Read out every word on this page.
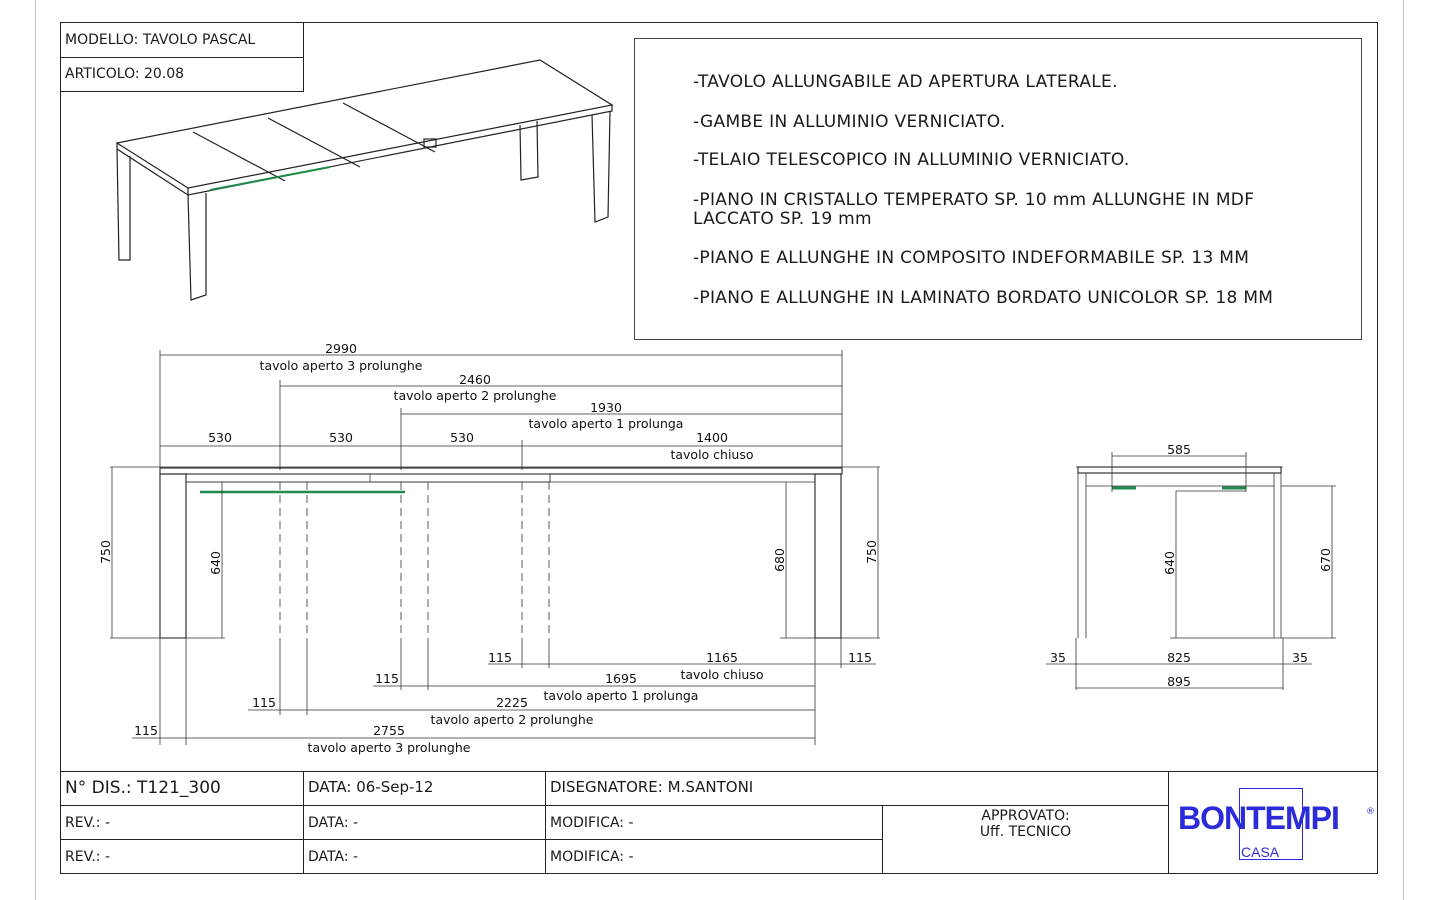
MODELLO: TAVOLO PASCAL
ARTICOLO: 20.08	-TAVOLO ALLUNGABILE AD APERTURA LATERALE.
-GAMBE IN ALLUMINIO VERNICIATO.
-TELAIO TELESCOPICO IN ALLUMINIO VERNICIATO.
-PIANO IN CRISTALLO TEMPERATO SP. 10 mm ALLUNGHE IN MDF
LACCATO SP. 19 mm
-PIANO E ALLUNGHE IN COMPOSITO INDEFORMABILE SP. 13 MM
-PIANO E ALLUNGHE IN LAMINATO BORDATO UNICOLOR SP. 18 MM
2990
tavolo aperto 3 prolunghe
2460
tavolo aperto 2 prolunghe
1930
tavolo aperto 1 prolunga
530	530	530	1400
tavolo chiuso
750	640	680	750
115	1165
tavolo chiuso
115
115	1695
tavolo aperto 1 prolunga
115	2225
tavolo aperto 2 prolunghe
115	2755
tavolo aperto 3 prolunghe
585
640	670
35	825	35
895
N° DIS.: T121_300	DATA: 06-Sep-12	DISEGNATORE: M.SANTONI
REV.: -	DATA: -	MODIFICA: -
REV.: -	DATA: -	MODIFICA: -
APPROVATO:
Uff. TECNICO	BONTEMPI	®
CASA
